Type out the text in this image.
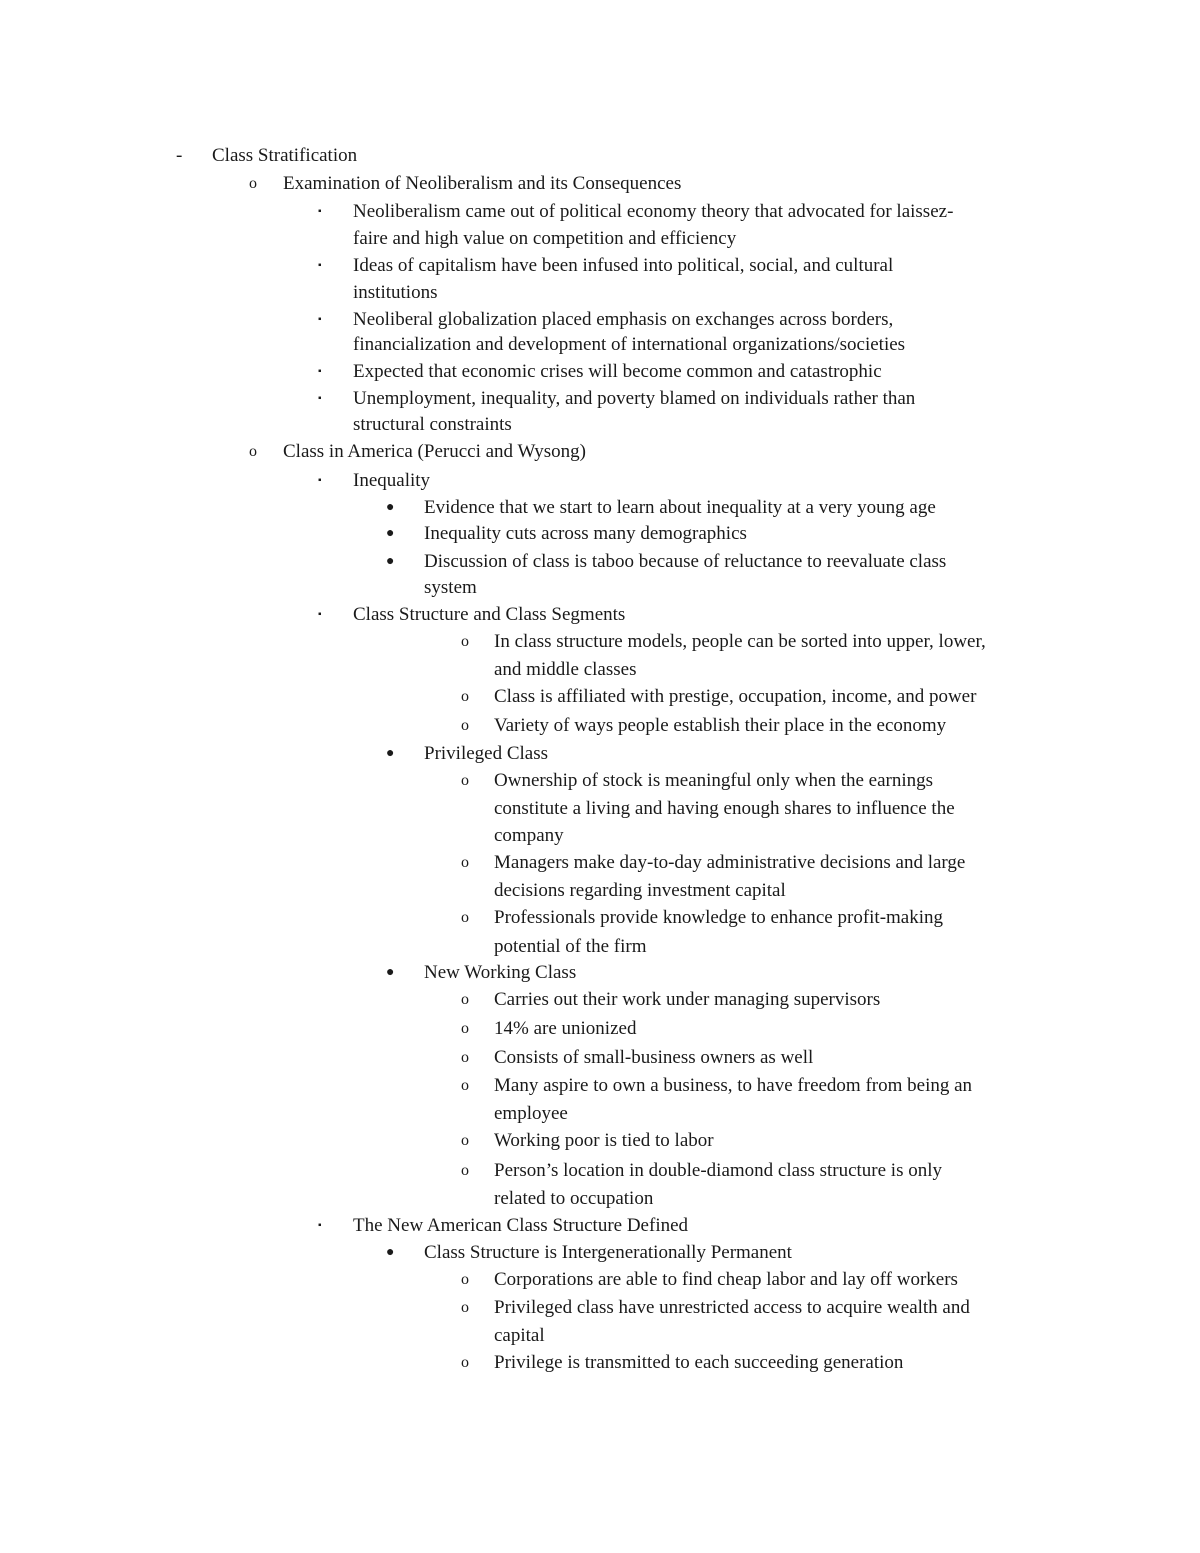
- Class Stratification
o Examination of Neoliberalism and its Consequences
▪ Neoliberalism came out of political economy theory that advocated for laissez-
faire and high value on competition and efficiency
▪ Ideas of capitalism have been infused into political, social, and cultural
institutions
▪ Neoliberal globalization placed emphasis on exchanges across borders,
financialization and development of international organizations/societies
▪ Expected that economic crises will become common and catastrophic
▪ Unemployment, inequality, and poverty blamed on individuals rather than
structural constraints
o Class in America (Perucci and Wysong)
▪ Inequality
● Evidence that we start to learn about inequality at a very young age
● Inequality cuts across many demographics
● Discussion of class is taboo because of reluctance to reevaluate class
system
▪ Class Structure and Class Segments
o In class structure models, people can be sorted into upper, lower,
and middle classes
o Class is affiliated with prestige, occupation, income, and power
o Variety of ways people establish their place in the economy
● Privileged Class
o Ownership of stock is meaningful only when the earnings
constitute a living and having enough shares to influence the
company
o Managers make day-to-day administrative decisions and large
decisions regarding investment capital
o Professionals provide knowledge to enhance profit-making
potential of the firm
● New Working Class
o Carries out their work under managing supervisors
o 14% are unionized
o Consists of small-business owners as well
o Many aspire to own a business, to have freedom from being an
employee
o Working poor is tied to labor
o Person’s location in double-diamond class structure is only
related to occupation
▪ The New American Class Structure Defined
● Class Structure is Intergenerationally Permanent
o Corporations are able to find cheap labor and lay off workers
o Privileged class have unrestricted access to acquire wealth and
capital
o Privilege is transmitted to each succeeding generation
